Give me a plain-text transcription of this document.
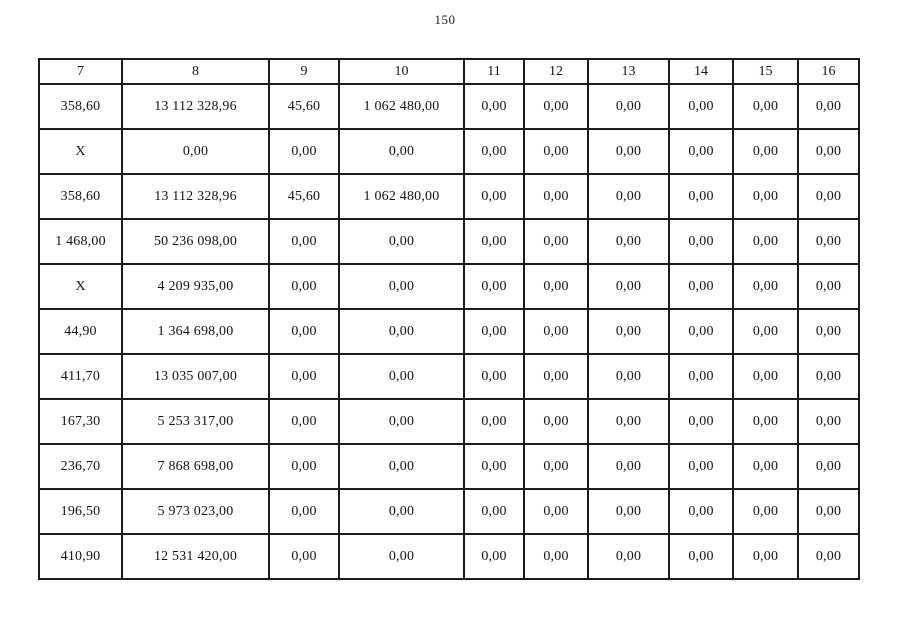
150
7	8	9	10	11	12	13	14	15	16
358,60	13 112 328,96	45,60	1 062 480,00	0,00	0,00	0,00	0,00	0,00	0,00
X	0,00	0,00	0,00	0,00	0,00	0,00	0,00	0,00	0,00
358,60	13 112 328,96	45,60	1 062 480,00	0,00	0,00	0,00	0,00	0,00	0,00
1 468,00	50 236 098,00	0,00	0,00	0,00	0,00	0,00	0,00	0,00	0,00
X	4 209 935,00	0,00	0,00	0,00	0,00	0,00	0,00	0,00	0,00
44,90	1 364 698,00	0,00	0,00	0,00	0,00	0,00	0,00	0,00	0,00
411,70	13 035 007,00	0,00	0,00	0,00	0,00	0,00	0,00	0,00	0,00
167,30	5 253 317,00	0,00	0,00	0,00	0,00	0,00	0,00	0,00	0,00
236,70	7 868 698,00	0,00	0,00	0,00	0,00	0,00	0,00	0,00	0,00
196,50	5 973 023,00	0,00	0,00	0,00	0,00	0,00	0,00	0,00	0,00
410,90	12 531 420,00	0,00	0,00	0,00	0,00	0,00	0,00	0,00	0,00
